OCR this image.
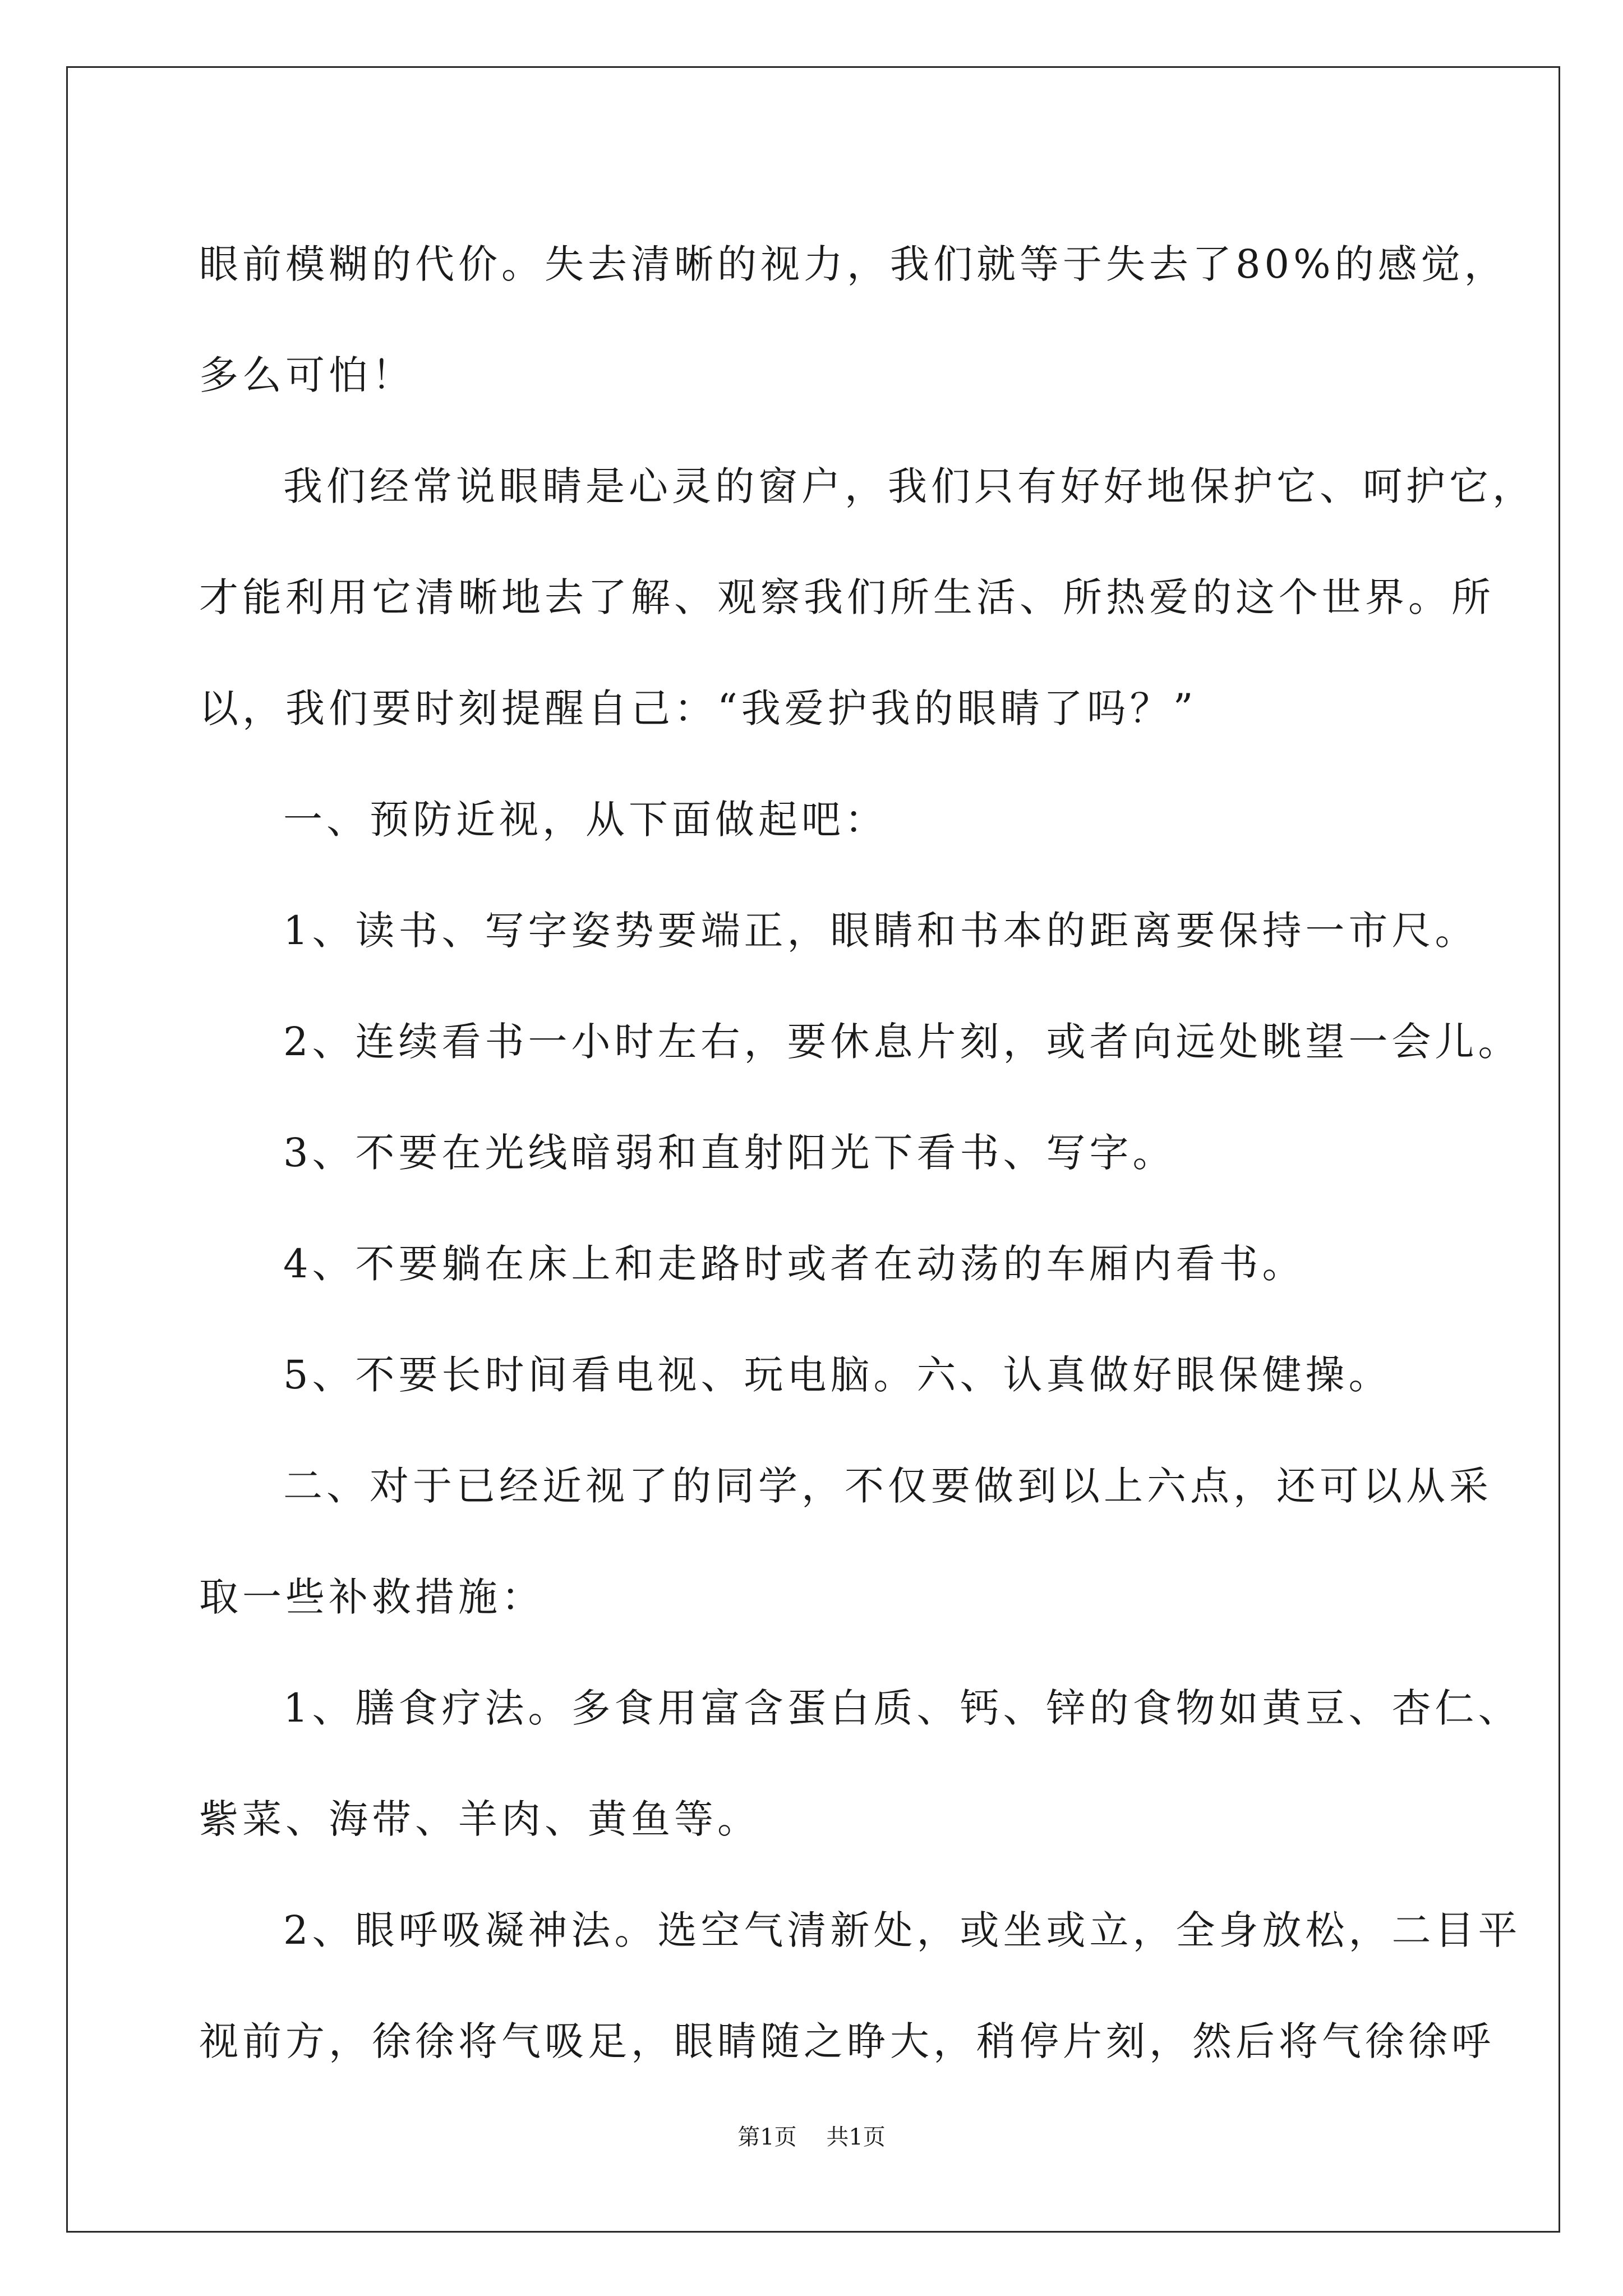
眼前模糊的代价。失去清晰的视力，我们就等于失去了80%的感觉，
多么可怕！
我们经常说眼睛是心灵的窗户，我们只有好好地保护它、呵护它，
才能利用它清晰地去了解、观察我们所生活、所热爱的这个世界。所
以，我们要时刻提醒自己：“我爱护我的眼睛了吗？”
一、预防近视，从下面做起吧：
1、读书、写字姿势要端正，眼睛和书本的距离要保持一市尺。
2、连续看书一小时左右，要休息片刻，或者向远处眺望一会儿。
3、不要在光线暗弱和直射阳光下看书、写字。
4、不要躺在床上和走路时或者在动荡的车厢内看书。
5、不要长时间看电视、玩电脑。六、认真做好眼保健操。
二、对于已经近视了的同学，不仅要做到以上六点，还可以从采
取一些补救措施：
1、膳食疗法。多食用富含蛋白质、钙、锌的食物如黄豆、杏仁、
紫菜、海带、羊肉、黄鱼等。
2、眼呼吸凝神法。选空气清新处，或坐或立，全身放松，二目平
视前方，徐徐将气吸足，眼睛随之睁大，稍停片刻，然后将气徐徐呼
第1页 共1页
